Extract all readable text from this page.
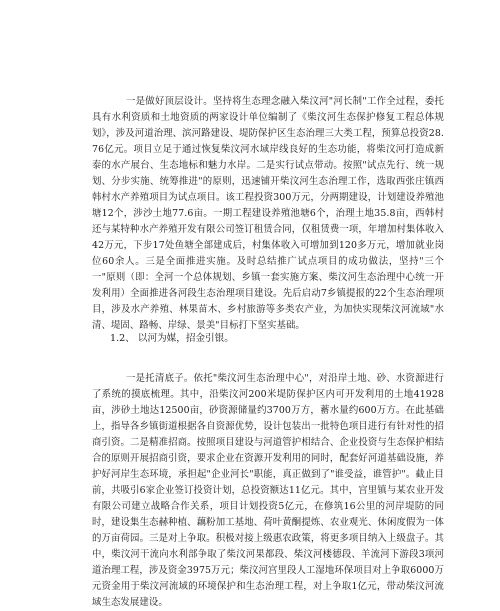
一是做好顶层设计。坚持将生态理念融入柴汶河"河长制"工作全过程，委托具有水利资质和土地资质的两家设计单位编制了《柴汶河生态保护修复工程总体规划》，涉及河道治理、滨河路建设、堤防保护区生态治理三大类工程，预算总投资28.76亿元。项目立足于通过恢复柴汶河水域岸线良好的生态功能，将柴汶河打造成新泰的水产展台、生态地标和魅力水岸。二是实行试点带动。按照"试点先行、统一规划、分步实施、统筹推进"的原则，迅速铺开柴汶河生态治理工作，选取西张庄镇西韩村水产养殖项目为试点项目。该工程投资300万元，分两期建设，计划建设养殖池塘12个，涉沙土地77.6亩。一期工程建设养殖池塘6个，治理土地35.8亩，西韩村还与某特种水产养殖开发有限公司签订租赁合同，仅租赁费一项，年增加村集体收入42万元，下步17处鱼塘全部建成后，村集体收入可增加到120多万元，增加就业岗位60余人。三是全面推进实施。及时总结推广试点项目的成功做法，坚持"三个一"原则（即：全河一个总体规划、乡镇一套实施方案、柴汶河生态治理中心统一开发利用）全面推进各河段生态治理项目建设。先后启动7乡镇提报的22个生态治理项目，涉及水产养殖、林果苗木、乡村旅游等多类农产业，为加快实现柴汶河流域"水清、堤固、路畅、岸绿、景美"目标打下坚实基础。

1.2、 以河为媒，招金引银。

一是托清底子。依托"柴汶河生态治理中心"，对沿岸土地、砂、水资源进行了系统的摸底梳理。其中，沿柴汶河200米堤防保护区内可开发利用的土地41928亩，涉砂土地达12500亩，砂资源储量约3700万方，蓄水量约600万方。在此基础上，指导各乡镇街道根据各自资源优势，设计包装出一批特色项目进行有针对性的招商引资。二是精准招商。按照项目建设与河道管护相结合、企业投资与生态保护相结合的原则开展招商引资，要求企业在资源开发利用的同时，配套好河道基础设施，养护好河岸生态环境，承担起"企业河长"职能，真正做到了"谁受益，谁管护"。截止目前，共吸引6家企业签订投资计划，总投资额达11亿元。其中，宫里镇与某农业开发有限公司建立战略合作关系，项目计划投资5亿元，在修筑16公里的河岸堤防的同时，建设集生态赫种植、藕粉加工基地、荷叶黄酮提炼、农业观光、休闲度假为一体的万亩荷园。三是对上争取。积极对接上级惠农政策，将更多项目纳入上级盘子。其中，柴汶河干流向水利部争取了柴汶河果都段、柴汶河楼德段、羊流河下游段3项河道治理工程，涉及资金3975万元；柴汶河宫里段人工湿地环保项目对上争取6000万元资金用于柴汶河流域的环境保护和生态治理工程，对上争取1亿元，带动柴汶河流域生态发展建设。
